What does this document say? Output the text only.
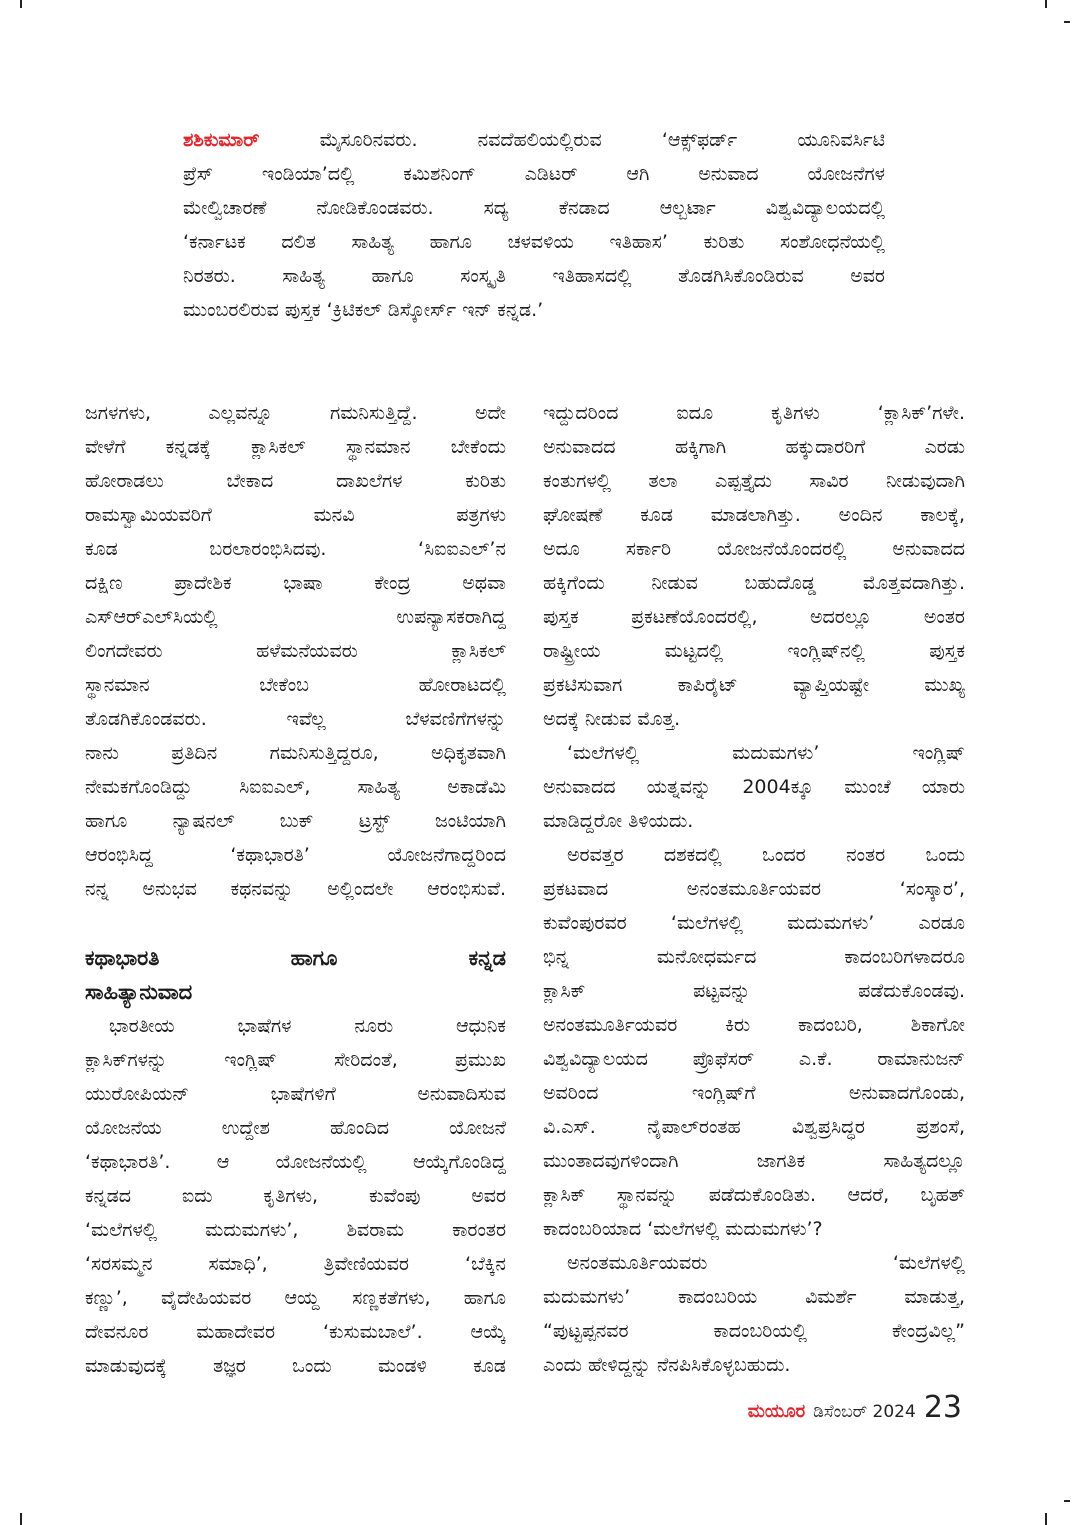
ಶಶಿಕುಮಾರ್	ಮೈಸೂರಿನವರು. ನವದೆಹಲಿಯಲ್ಲಿರುವ ‘ಆಕ್ಸ್‌ಫರ್ಡ್ ಯೂನಿವರ್ಸಿಟಿ
ಪ್ರೆಸ್ ಇಂಡಿಯಾ’ದಲ್ಲಿ ಕಮಿಶನಿಂಗ್ ಎಡಿಟರ್ ಆಗಿ ಅನುವಾದ ಯೋಜನೆಗಳ
ಮೇಲ್ವಿಚಾರಣೆ ನೋಡಿಕೊಂಡವರು. ಸದ್ಯ ಕೆನಡಾದ ಆಲ್ಬರ್ಟಾ ವಿಶ್ವವಿದ್ಯಾಲಯದಲ್ಲಿ
‘ಕರ್ನಾಟಕ ದಲಿತ ಸಾಹಿತ್ಯ ಹಾಗೂ ಚಳವಳಿಯ ಇತಿಹಾಸ’ ಕುರಿತು ಸಂಶೋಧನೆಯಲ್ಲಿ
ನಿರತರು. ಸಾಹಿತ್ಯ ಹಾಗೂ ಸಂಸ್ಕೃತಿ ಇತಿಹಾಸದಲ್ಲಿ ತೊಡಗಿಸಿಕೊಂಡಿರುವ ಅವರ
ಮುಂಬರಲಿರುವ ಪುಸ್ತಕ ‘ಕ್ರಿಟಿಕಲ್ ಡಿಸ್ಕೋರ್ಸ್ ಇನ್ ಕನ್ನಡ.’
ಜಗಳಗಳು, ಎಲ್ಲವನ್ನೂ ಗಮನಿಸುತ್ತಿದ್ದೆ. ಅದೇ
ವೇಳೆಗೆ ಕನ್ನಡಕ್ಕೆ ಕ್ಲಾಸಿಕಲ್ ಸ್ಥಾನಮಾನ ಬೇಕೆಂದು
ಹೋರಾಡಲು ಬೇಕಾದ ದಾಖಲೆಗಳ ಕುರಿತು
ರಾಮಸ್ವಾಮಿಯವರಿಗೆ ಮನವಿ ಪತ್ರಗಳು
ಕೂಡ ಬರಲಾರಂಭಿಸಿದವು. ‘ಸಿಐಐಎಲ್’ನ
ದಕ್ಷಿಣ ಪ್ರಾದೇಶಿಕ ಭಾಷಾ ಕೇಂದ್ರ ಅಥವಾ
ಎಸ್‌ಆರ್‌ಎಲ್‌ಸಿಯಲ್ಲಿ ಉಪನ್ಯಾಸಕರಾಗಿದ್ದ
ಲಿಂಗದೇವರು ಹಳೆಮನೆಯವರು ಕ್ಲಾಸಿಕಲ್
ಸ್ಥಾನಮಾನ ಬೇಕೆಂಬ ಹೋರಾಟದಲ್ಲಿ
ತೊಡಗಿಕೊಂಡವರು. ಇವೆಲ್ಲ ಬೆಳವಣಿಗೆಗಳನ್ನು
ನಾನು ಪ್ರತಿದಿನ ಗಮನಿಸುತ್ತಿದ್ದರೂ, ಅಧಿಕೃತವಾಗಿ
ನೇಮಕಗೊಂಡಿದ್ದು ಸಿಐಐಎಲ್, ಸಾಹಿತ್ಯ ಅಕಾಡೆಮಿ
ಹಾಗೂ ನ್ಯಾಷನಲ್ ಬುಕ್ ಟ್ರಸ್ಟ್ ಜಂಟಿಯಾಗಿ
ಆರಂಭಿಸಿದ್ದ ‘ಕಥಾಭಾರತಿ’ ಯೋಜನೆಗಾದ್ದರಿಂದ
ನನ್ನ ಅನುಭವ ಕಥನವನ್ನು ಅಲ್ಲಿಂದಲೇ ಆರಂಭಿಸುವೆ.
ಕಥಾಭಾರತಿ ಹಾಗೂ ಕನ್ನಡ
ಸಾಹಿತ್ಯಾನುವಾದ
ಭಾರತೀಯ ಭಾಷೆಗಳ ನೂರು ಆಧುನಿಕ
ಕ್ಲಾಸಿಕ್‌ಗಳನ್ನು ಇಂಗ್ಲಿಷ್ ಸೇರಿದಂತೆ, ಪ್ರಮುಖ
ಯುರೋಪಿಯನ್ ಭಾಷೆಗಳಿಗೆ ಅನುವಾದಿಸುವ
ಯೋಜನೆಯ ಉದ್ದೇಶ ಹೊಂದಿದ ಯೋಜನೆ
‘ಕಥಾಭಾರತಿ’. ಆ ಯೋಜನೆಯಲ್ಲಿ ಆಯ್ಕೆಗೊಂಡಿದ್ದ
ಕನ್ನಡದ ಐದು ಕೃತಿಗಳು, ಕುವೆಂಪು ಅವರ
‘ಮಲೆಗಳಲ್ಲಿ ಮದುಮಗಳು’, ಶಿವರಾಮ ಕಾರಂತರ
‘ಸರಸಮ್ಮನ ಸಮಾಧಿ’, ತ್ರಿವೇಣಿಯವರ ‘ಬೆಕ್ಕಿನ
ಕಣ್ಣು’, ವೈದೇಹಿಯವರ ಆಯ್ದ ಸಣ್ಣಕತೆಗಳು, ಹಾಗೂ
ದೇವನೂರ ಮಹಾದೇವರ ‘ಕುಸುಮಬಾಲೆ’. ಆಯ್ಕೆ
ಮಾಡುವುದಕ್ಕೆ ತಜ್ಞರ ಒಂದು ಮಂಡಳಿ ಕೂಡ
ಇದ್ದುದರಿಂದ ಐದೂ ಕೃತಿಗಳು ‘ಕ್ಲಾಸಿಕ್’ಗಳೇ.
ಅನುವಾದದ ಹಕ್ಕಿಗಾಗಿ ಹಕ್ಕುದಾರರಿಗೆ ಎರಡು
ಕಂತುಗಳಲ್ಲಿ ತಲಾ ಎಪ್ಪತ್ತೈದು ಸಾವಿರ ನೀಡುವುದಾಗಿ
ಘೋಷಣೆ ಕೂಡ ಮಾಡಲಾಗಿತ್ತು. ಅಂದಿನ ಕಾಲಕ್ಕೆ,
ಅದೂ ಸರ್ಕಾರಿ ಯೋಜನೆಯೊಂದರಲ್ಲಿ ಅನುವಾದದ
ಹಕ್ಕಿಗೆಂದು ನೀಡುವ ಬಹುದೊಡ್ಡ ಮೊತ್ತವದಾಗಿತ್ತು.
ಪುಸ್ತಕ ಪ್ರಕಟಣೆಯೊಂದರಲ್ಲಿ, ಅದರಲ್ಲೂ ಅಂತರ
ರಾಷ್ಟ್ರೀಯ ಮಟ್ಟದಲ್ಲಿ ಇಂಗ್ಲಿಷ್‌ನಲ್ಲಿ ಪುಸ್ತಕ
ಪ್ರಕಟಿಸುವಾಗ ಕಾಪಿರೈಟ್ ವ್ಯಾಪ್ತಿಯಷ್ಟೇ ಮುಖ್ಯ
ಅದಕ್ಕೆ ನೀಡುವ ಮೊತ್ತ.
‘ಮಲೆಗಳಲ್ಲಿ ಮದುಮಗಳು’ ಇಂಗ್ಲಿಷ್
ಅನುವಾದದ ಯತ್ನವನ್ನು 2004ಕ್ಕೂ ಮುಂಚೆ ಯಾರು
ಮಾಡಿದ್ದರೋ ತಿಳಿಯದು.
ಅರವತ್ತರ ದಶಕದಲ್ಲಿ ಒಂದರ ನಂತರ ಒಂದು
ಪ್ರಕಟವಾದ ಅನಂತಮೂರ್ತಿಯವರ ‘ಸಂಸ್ಕಾರ’,
ಕುವೆಂಪುರವರ ‘ಮಲೆಗಳಲ್ಲಿ ಮದುಮಗಳು’ ಎರಡೂ
ಭಿನ್ನ ಮನೋಧರ್ಮದ ಕಾದಂಬರಿಗಳಾದರೂ
ಕ್ಲಾಸಿಕ್ ಪಟ್ಟವನ್ನು ಪಡೆದುಕೊಂಡವು.
ಅನಂತಮೂರ್ತಿಯವರ ಕಿರು ಕಾದಂಬರಿ, ಶಿಕಾಗೋ
ವಿಶ್ವವಿದ್ಯಾಲಯದ ಪ್ರೊಫೆಸರ್ ಎ.ಕೆ. ರಾಮಾನುಜನ್
ಅವರಿಂದ ಇಂಗ್ಲಿಷ್‌ಗೆ ಅನುವಾದಗೊಂಡು,
ವಿ.ಎಸ್. ನೈಪಾಲ್‌ರಂತಹ ವಿಶ್ವಪ್ರಸಿದ್ಧರ ಪ್ರಶಂಸೆ,
ಮುಂತಾದವುಗಳಿಂದಾಗಿ ಜಾಗತಿಕ ಸಾಹಿತ್ಯದಲ್ಲೂ
ಕ್ಲಾಸಿಕ್ ಸ್ಥಾನವನ್ನು ಪಡೆದುಕೊಂಡಿತು. ಆದರೆ, ಬೃಹತ್
ಕಾದಂಬರಿಯಾದ ‘ಮಲೆಗಳಲ್ಲಿ ಮದುಮಗಳು’?
ಅನಂತಮೂರ್ತಿಯವರು ‘ಮಲೆಗಳಲ್ಲಿ
ಮದುಮಗಳು’ ಕಾದಂಬರಿಯ ವಿಮರ್ಶೆ ಮಾಡುತ್ತ,
“ಪುಟ್ಟಪ್ಪನವರ ಕಾದಂಬರಿಯಲ್ಲಿ ಕೇಂದ್ರವಿಲ್ಲ”
ಎಂದು ಹೇಳಿದ್ದನ್ನು ನೆನಪಿಸಿಕೊಳ್ಳಬಹುದು.
ಮಯೂರ ಡಿಸೆಂಬರ್ 2024 23
